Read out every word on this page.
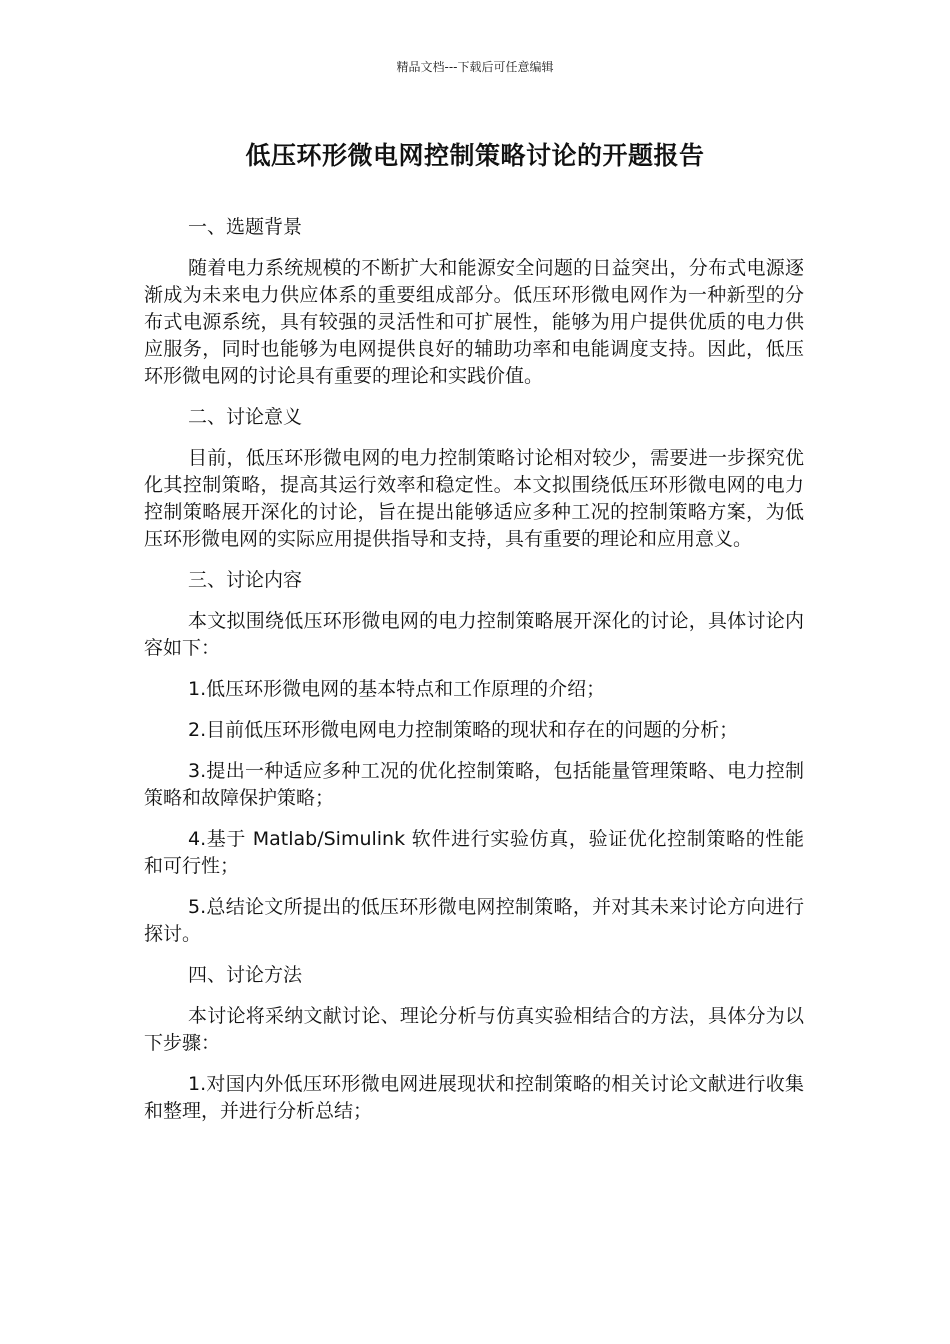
精品文档---下载后可任意编辑
低压环形微电网控制策略讨论的开题报告

一、选题背景

随着电力系统规模的不断扩大和能源安全问题的日益突出，分布式电源逐渐成为未来电力供应体系的重要组成部分。低压环形微电网作为一种新型的分布式电源系统，具有较强的灵活性和可扩展性，能够为用户提供优质的电力供应服务，同时也能够为电网提供良好的辅助功率和电能调度支持。因此，低压环形微电网的讨论具有重要的理论和实践价值。

二、讨论意义

目前，低压环形微电网的电力控制策略讨论相对较少，需要进一步探究优化其控制策略，提高其运行效率和稳定性。本文拟围绕低压环形微电网的电力控制策略展开深化的讨论，旨在提出能够适应多种工况的控制策略方案，为低压环形微电网的实际应用提供指导和支持，具有重要的理论和应用意义。

三、讨论内容

本文拟围绕低压环形微电网的电力控制策略展开深化的讨论，具体讨论内容如下：

1.低压环形微电网的基本特点和工作原理的介绍；

2.目前低压环形微电网电力控制策略的现状和存在的问题的分析；

3.提出一种适应多种工况的优化控制策略，包括能量管理策略、电力控制策略和故障保护策略；

4.基于 Matlab/Simulink 软件进行实验仿真，验证优化控制策略的性能和可行性；

5.总结论文所提出的低压环形微电网控制策略，并对其未来讨论方向进行探讨。

四、讨论方法

本讨论将采纳文献讨论、理论分析与仿真实验相结合的方法，具体分为以下步骤：

1.对国内外低压环形微电网进展现状和控制策略的相关讨论文献进行收集和整理，并进行分析总结；
